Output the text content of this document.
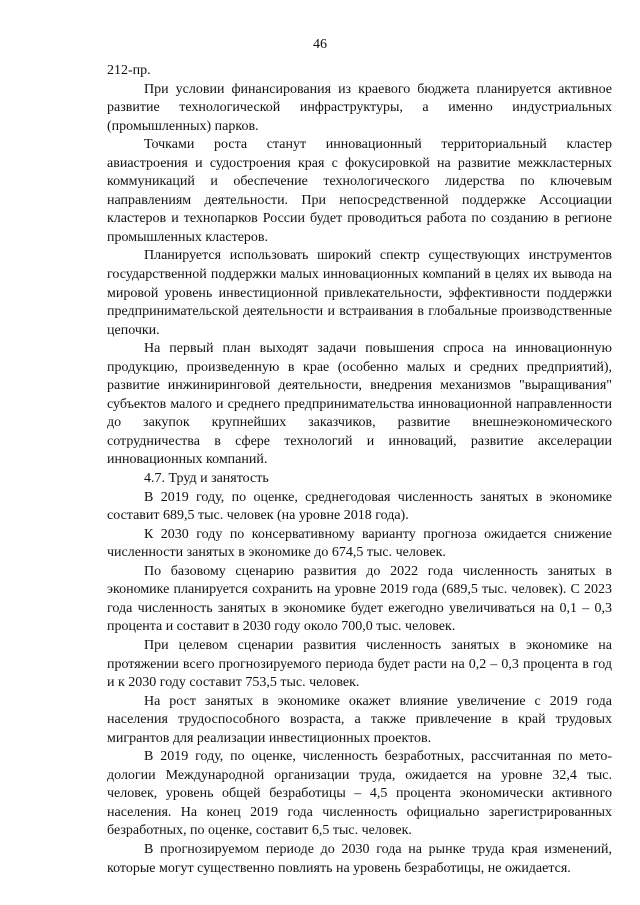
46

212-пр.

При условии финансирования из краевого бюджета планируется активное развитие технологической инфраструктуры, а именно индустриальных (промышленных) парков.

Точками роста станут инновационный территориальный кластер авиастроения и судостроения края с фокусировкой на развитие межкластерных коммуникаций и обеспечение технологического лидерства по ключевым направлениям деятельности. При непосредственной поддержке Ассоциации кластеров и технопарков России будет проводиться работа по созданию в регионе промышленных кластеров.

Планируется использовать широкий спектр существующих инструментов государственной поддержки малых инновационных компаний в целях их вывода на мировой уровень инвестиционной привлекательности, эффективности поддержки предпринимательской деятельности и встраивания в глобальные производственные цепочки.

На первый план выходят задачи повышения спроса на инновационную продукцию, произведенную в крае (особенно малых и средних предприятий), развитие инжиниринговой деятельности, внедрения механизмов "выращивания" субъектов малого и среднего предпринимательства инновационной направленности до закупок крупнейших заказчиков, развитие внешнеэкономического сотрудничества в сфере технологий и инноваций, развитие акселерации инновационных компаний.

4.7. Труд и занятость

В 2019 году, по оценке, среднегодовая численность занятых в экономике составит 689,5 тыс. человек (на уровне 2018 года).

К 2030 году по консервативному варианту прогноза ожидается снижение численности занятых в экономике до 674,5 тыс. человек.

По базовому сценарию развития до 2022 года численность занятых в экономике планируется сохранить на уровне 2019 года (689,5 тыс. человек). С 2023 года численность занятых в экономике будет ежегодно увеличиваться на 0,1 – 0,3 процента и составит в 2030 году около 700,0 тыс. человек.

При целевом сценарии развития численность занятых в экономике на протяжении всего прогнозируемого периода будет расти на 0,2 – 0,3 процента в год и к 2030 году составит 753,5 тыс. человек.

На рост занятых в экономике окажет влияние увеличение с 2019 года населения трудоспособного возраста, а также привлечение в край трудовых мигрантов для реализации инвестиционных проектов.

В 2019 году, по оценке, численность безработных, рассчитанная по методологии Международной организации труда, ожидается на уровне 32,4 тыс. человек, уровень общей безработицы – 4,5 процента экономически активного населения. На конец 2019 года численность официально зарегистрированных безработных, по оценке, составит 6,5 тыс. человек.

В прогнозируемом периоде до 2030 года на рынке труда края изменений, которые могут существенно повлиять на уровень безработицы, не ожидается.
